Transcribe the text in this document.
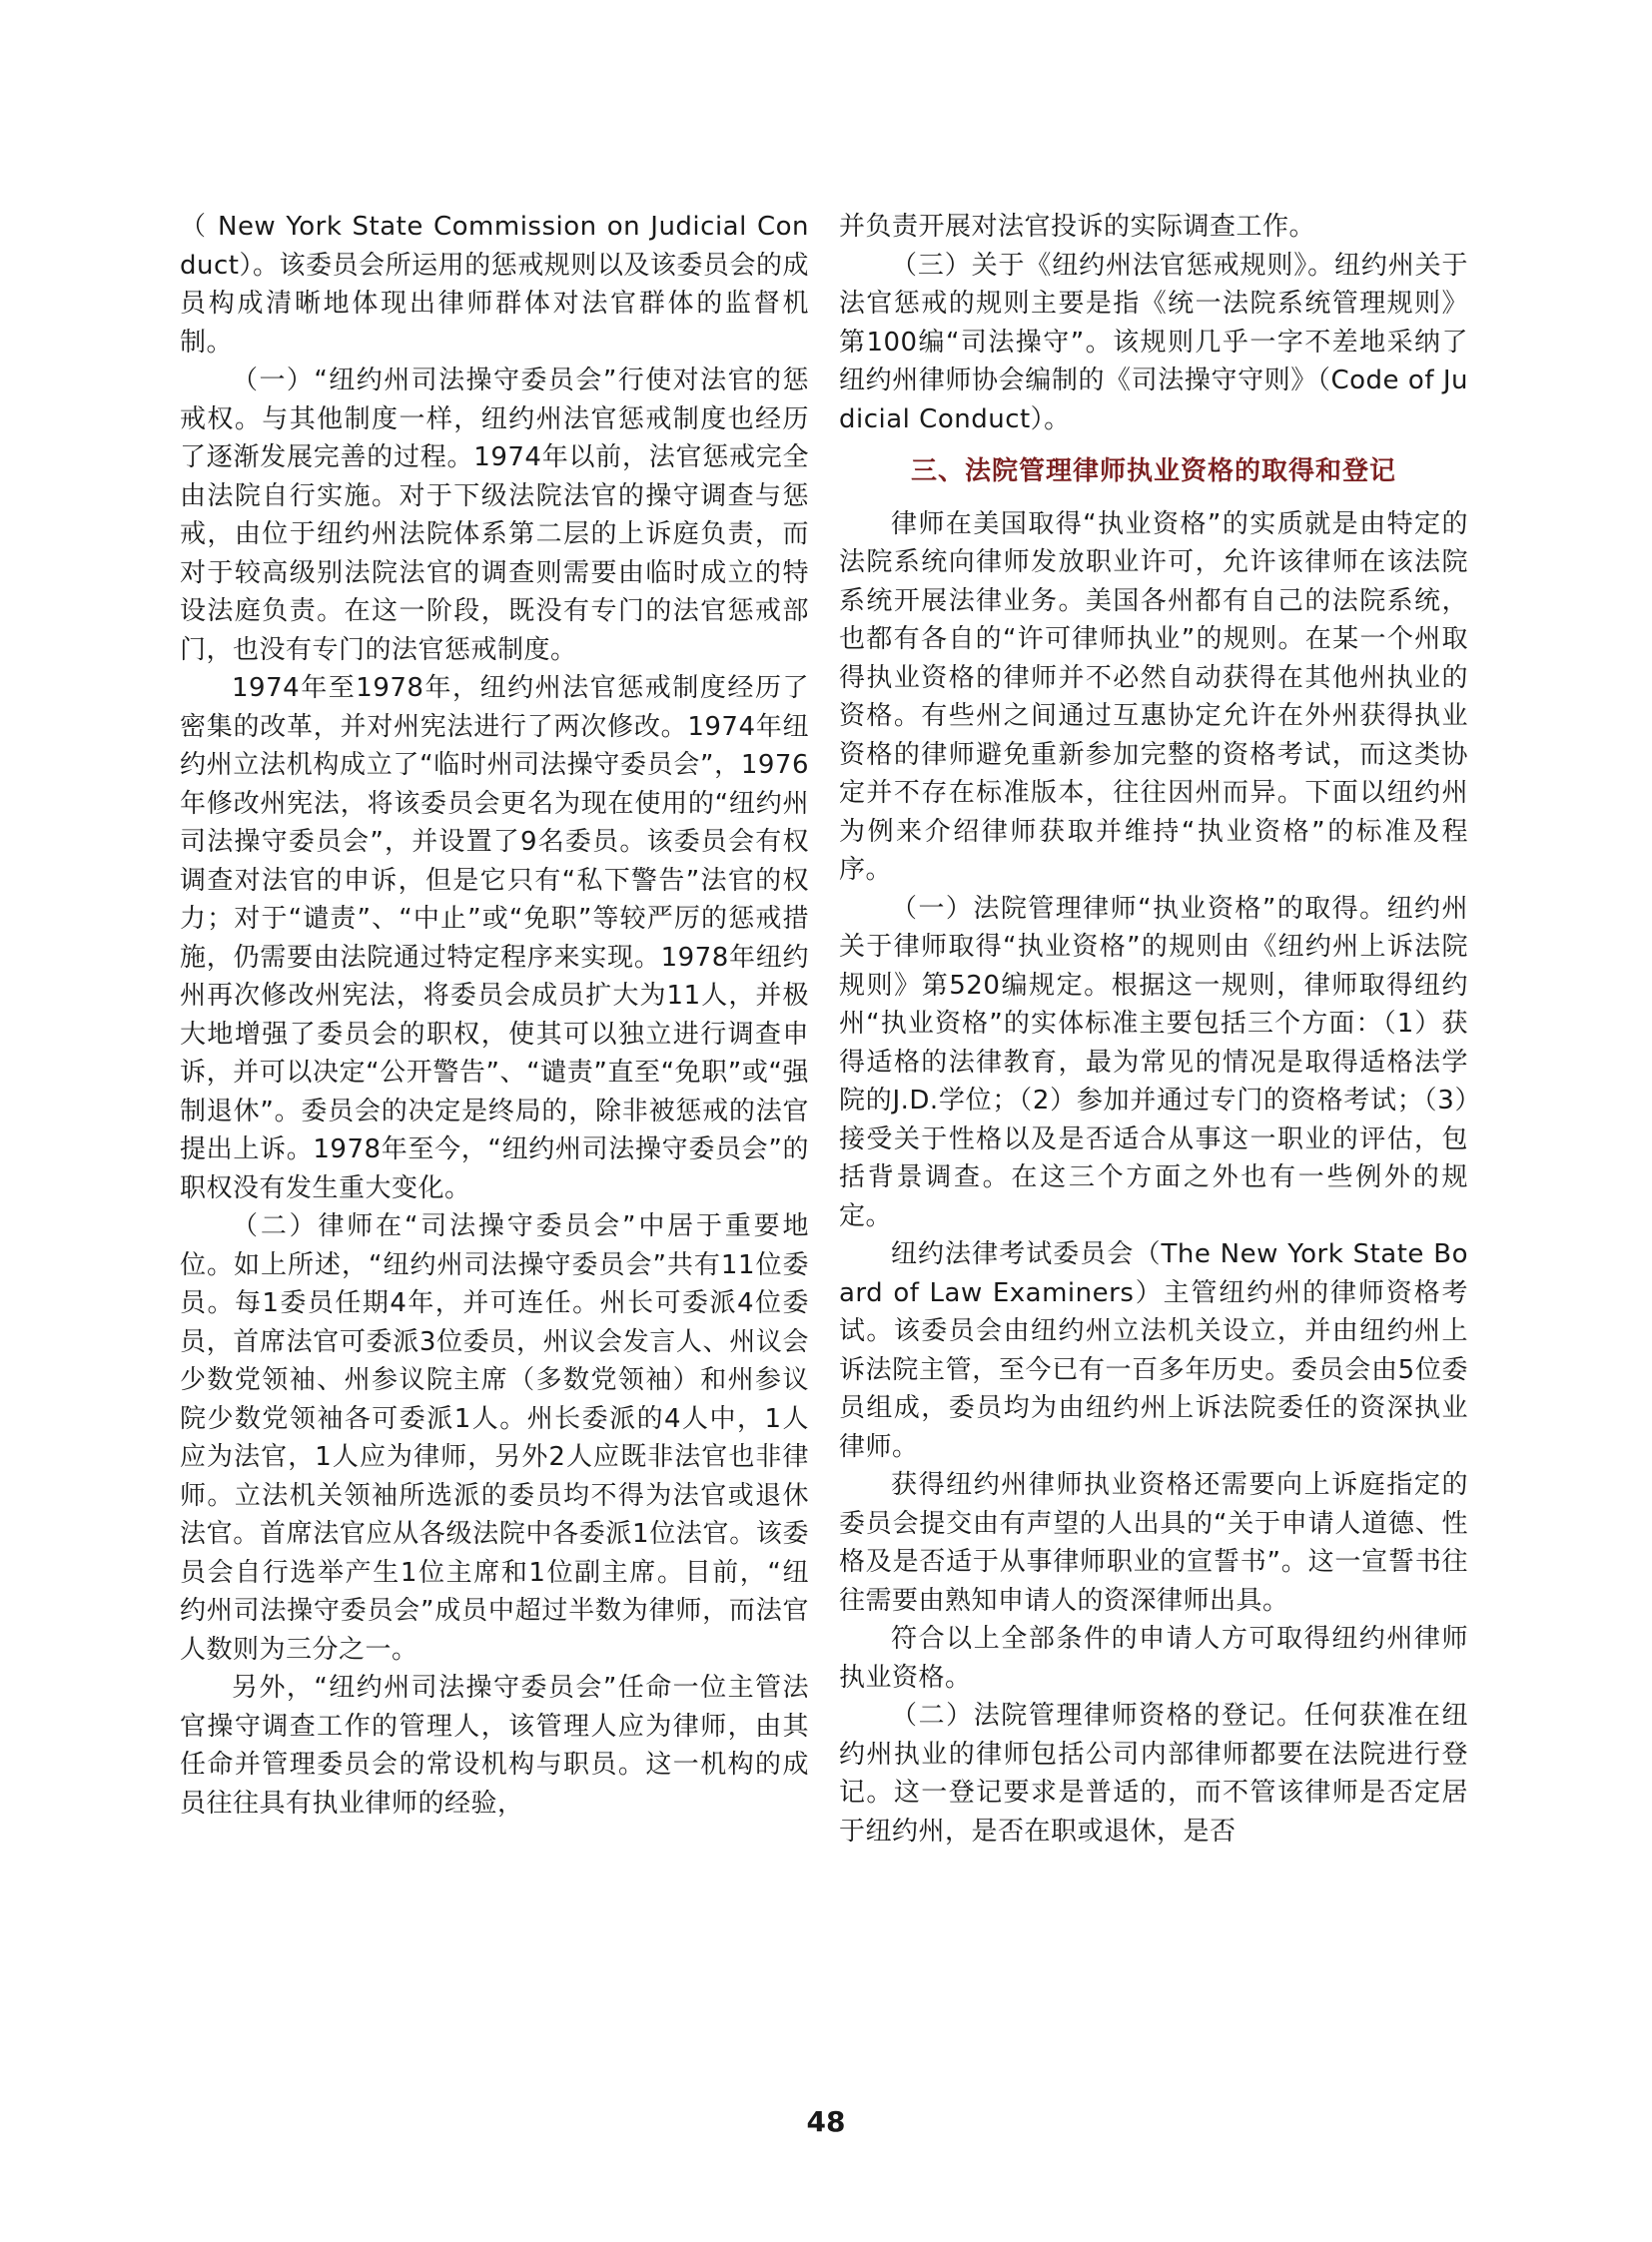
（ New York State Commission on Judicial Conduct）。该委员会所运用的惩戒规则以及该委员会的成员构成清晰地体现出律师群体对法官群体的监督机制。

（一）“纽约州司法操守委员会”行使对法官的惩戒权。与其他制度一样，纽约州法官惩戒制度也经历了逐渐发展完善的过程。1974年以前，法官惩戒完全由法院自行实施。对于下级法院法官的操守调查与惩戒，由位于纽约州法院体系第二层的上诉庭负责，而对于较高级别法院法官的调查则需要由临时成立的特设法庭负责。在这一阶段，既没有专门的法官惩戒部门，也没有专门的法官惩戒制度。

1974年至1978年，纽约州法官惩戒制度经历了密集的改革，并对州宪法进行了两次修改。1974年纽约州立法机构成立了“临时州司法操守委员会”，1976年修改州宪法，将该委员会更名为现在使用的“纽约州司法操守委员会”，并设置了9名委员。该委员会有权调查对法官的申诉，但是它只有“私下警告”法官的权力；对于“谴责”、“中止”或“免职”等较严厉的惩戒措施，仍需要由法院通过特定程序来实现。1978年纽约州再次修改州宪法，将委员会成员扩大为11人，并极大地增强了委员会的职权，使其可以独立进行调查申诉，并可以决定“公开警告”、“谴责”直至“免职”或“强制退休”。委员会的决定是终局的，除非被惩戒的法官提出上诉。1978年至今，“纽约州司法操守委员会”的职权没有发生重大变化。

（二）律师在“司法操守委员会”中居于重要地位。如上所述，“纽约州司法操守委员会”共有11位委员。每1委员任期4年，并可连任。州长可委派4位委员，首席法官可委派3位委员，州议会发言人、州议会少数党领袖、州参议院主席（多数党领袖）和州参议院少数党领袖各可委派1人。州长委派的4人中，1人应为法官，1人应为律师，另外2人应既非法官也非律师。立法机关领袖所选派的委员均不得为法官或退休法官。首席法官应从各级法院中各委派1位法官。该委员会自行选举产生1位主席和1位副主席。目前，“纽约州司法操守委员会”成员中超过半数为律师，而法官人数则为三分之一。

另外，“纽约州司法操守委员会”任命一位主管法官操守调查工作的管理人，该管理人应为律师，由其任命并管理委员会的常设机构与职员。这一机构的成员往往具有执业律师的经验，

并负责开展对法官投诉的实际调查工作。

（三）关于《纽约州法官惩戒规则》。纽约州关于法官惩戒的规则主要是指《统一法院系统管理规则》第100编“司法操守”。该规则几乎一字不差地采纳了纽约州律师协会编制的《司法操守守则》（Code of Judicial Conduct）。

三、法院管理律师执业资格的取得和登记

律师在美国取得“执业资格”的实质就是由特定的法院系统向律师发放职业许可，允许该律师在该法院系统开展法律业务。美国各州都有自己的法院系统，也都有各自的“许可律师执业”的规则。在某一个州取得执业资格的律师并不必然自动获得在其他州执业的资格。有些州之间通过互惠协定允许在外州获得执业资格的律师避免重新参加完整的资格考试，而这类协定并不存在标准版本，往往因州而异。下面以纽约州为例来介绍律师获取并维持“执业资格”的标准及程序。

（一）法院管理律师“执业资格”的取得。纽约州关于律师取得“执业资格”的规则由《纽约州上诉法院规则》第520编规定。根据这一规则，律师取得纽约州“执业资格”的实体标准主要包括三个方面：（1）获得适格的法律教育，最为常见的情况是取得适格法学院的J.D.学位；（2）参加并通过专门的资格考试；（3）接受关于性格以及是否适合从事这一职业的评估，包括背景调查。在这三个方面之外也有一些例外的规定。

纽约法律考试委员会（The New York State Board of Law Examiners）主管纽约州的律师资格考试。该委员会由纽约州立法机关设立，并由纽约州上诉法院主管，至今已有一百多年历史。委员会由5位委员组成，委员均为由纽约州上诉法院委任的资深执业律师。

获得纽约州律师执业资格还需要向上诉庭指定的委员会提交由有声望的人出具的“关于申请人道德、性格及是否适于从事律师职业的宣誓书”。这一宣誓书往往需要由熟知申请人的资深律师出具。

符合以上全部条件的申请人方可取得纽约州律师执业资格。

（二）法院管理律师资格的登记。任何获准在纽约州执业的律师包括公司内部律师都要在法院进行登记。这一登记要求是普适的，而不管该律师是否定居于纽约州，是否在职或退休，是否

48
